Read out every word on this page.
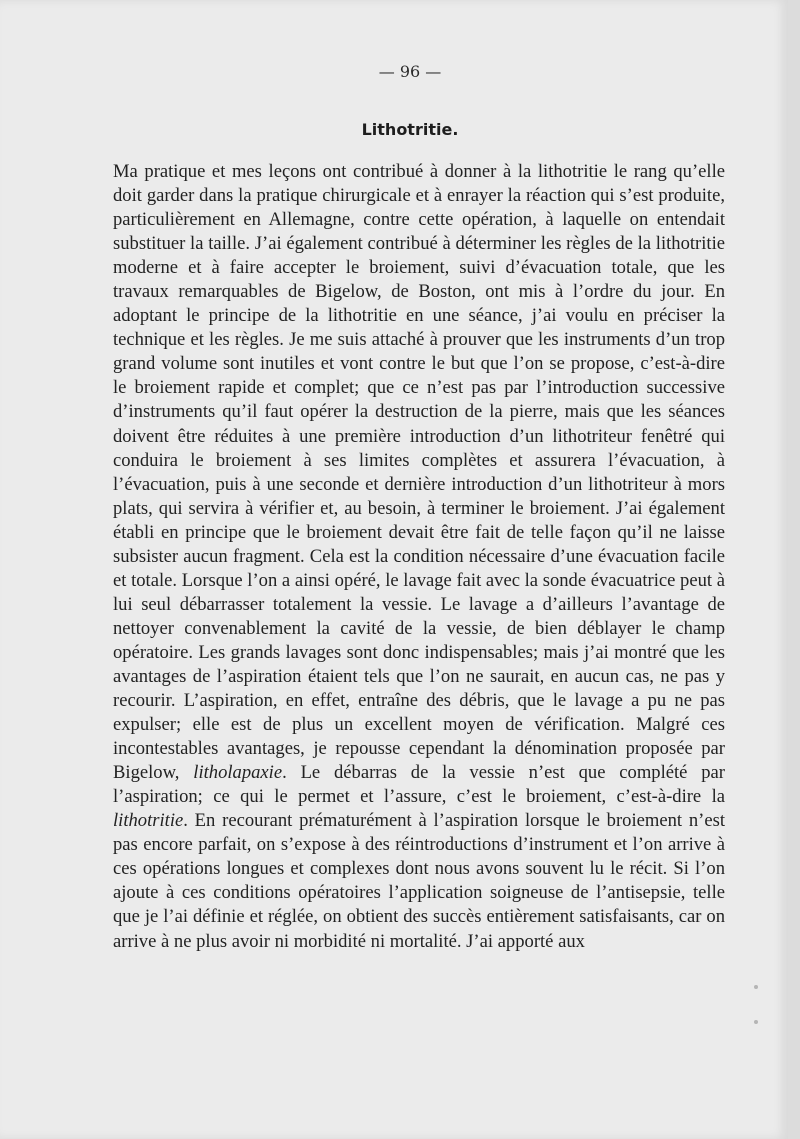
— 96 —
Lithotritie.

Ma pratique et mes leçons ont contribué à donner à la lithotritie le rang qu’elle doit garder dans la pratique chirurgicale et à enrayer la réaction qui s’est produite, particulièrement en Allemagne, contre cette opération, à laquelle on entendait substituer la taille. J’ai également contribué à déterminer les règles de la lithotritie moderne et à faire accepter le broiement, suivi d’évacuation totale, que les travaux remarquables de Bigelow, de Boston, ont mis à l’ordre du jour. En adoptant le principe de la lithotritie en une séance, j’ai voulu en préciser la technique et les règles. Je me suis attaché à prouver que les instruments d’un trop grand volume sont inutiles et vont contre le but que l’on se propose, c’est-à-dire le broiement rapide et complet; que ce n’est pas par l’introduction successive d’instruments qu’il faut opérer la destruction de la pierre, mais que les séances doivent être réduites à une première introduction d’un lithotriteur fenêtré qui conduira le broiement à ses limites complètes et assurera l’évacuation, à l’évacuation, puis à une seconde et dernière introduction d’un lithotriteur à mors plats, qui servira à vérifier et, au besoin, à terminer le broiement. J’ai également établi en principe que le broiement devait être fait de telle façon qu’il ne laisse subsister aucun fragment. Cela est la condition nécessaire d’une évacuation facile et totale. Lorsque l’on a ainsi opéré, le lavage fait avec la sonde évacuatrice peut à lui seul débarrasser totalement la vessie. Le lavage a d’ailleurs l’avantage de nettoyer convenablement la cavité de la vessie, de bien déblayer le champ opératoire. Les grands lavages sont donc indispensables; mais j’ai montré que les avantages de l’aspiration étaient tels que l’on ne saurait, en aucun cas, ne pas y recourir. L’aspiration, en effet, entraîne des débris, que le lavage a pu ne pas expulser; elle est de plus un excellent moyen de vérification. Malgré ces incontestables avantages, je repousse cependant la dénomination proposée par Bigelow, litholapaxie. Le débarras de la vessie n’est que complété par l’aspiration; ce qui le permet et l’assure, c’est le broiement, c’est-à-dire la lithotritie. En recourant prématurément à l’aspiration lorsque le broiement n’est pas encore parfait, on s’expose à des réintroductions d’instrument et l’on arrive à ces opérations longues et complexes dont nous avons souvent lu le récit. Si l’on ajoute à ces conditions opératoires l’application soigneuse de l’antisepsie, telle que je l’ai définie et réglée, on obtient des succès entièrement satisfaisants, car on arrive à ne plus avoir ni morbidité ni mortalité. J’ai apporté aux
